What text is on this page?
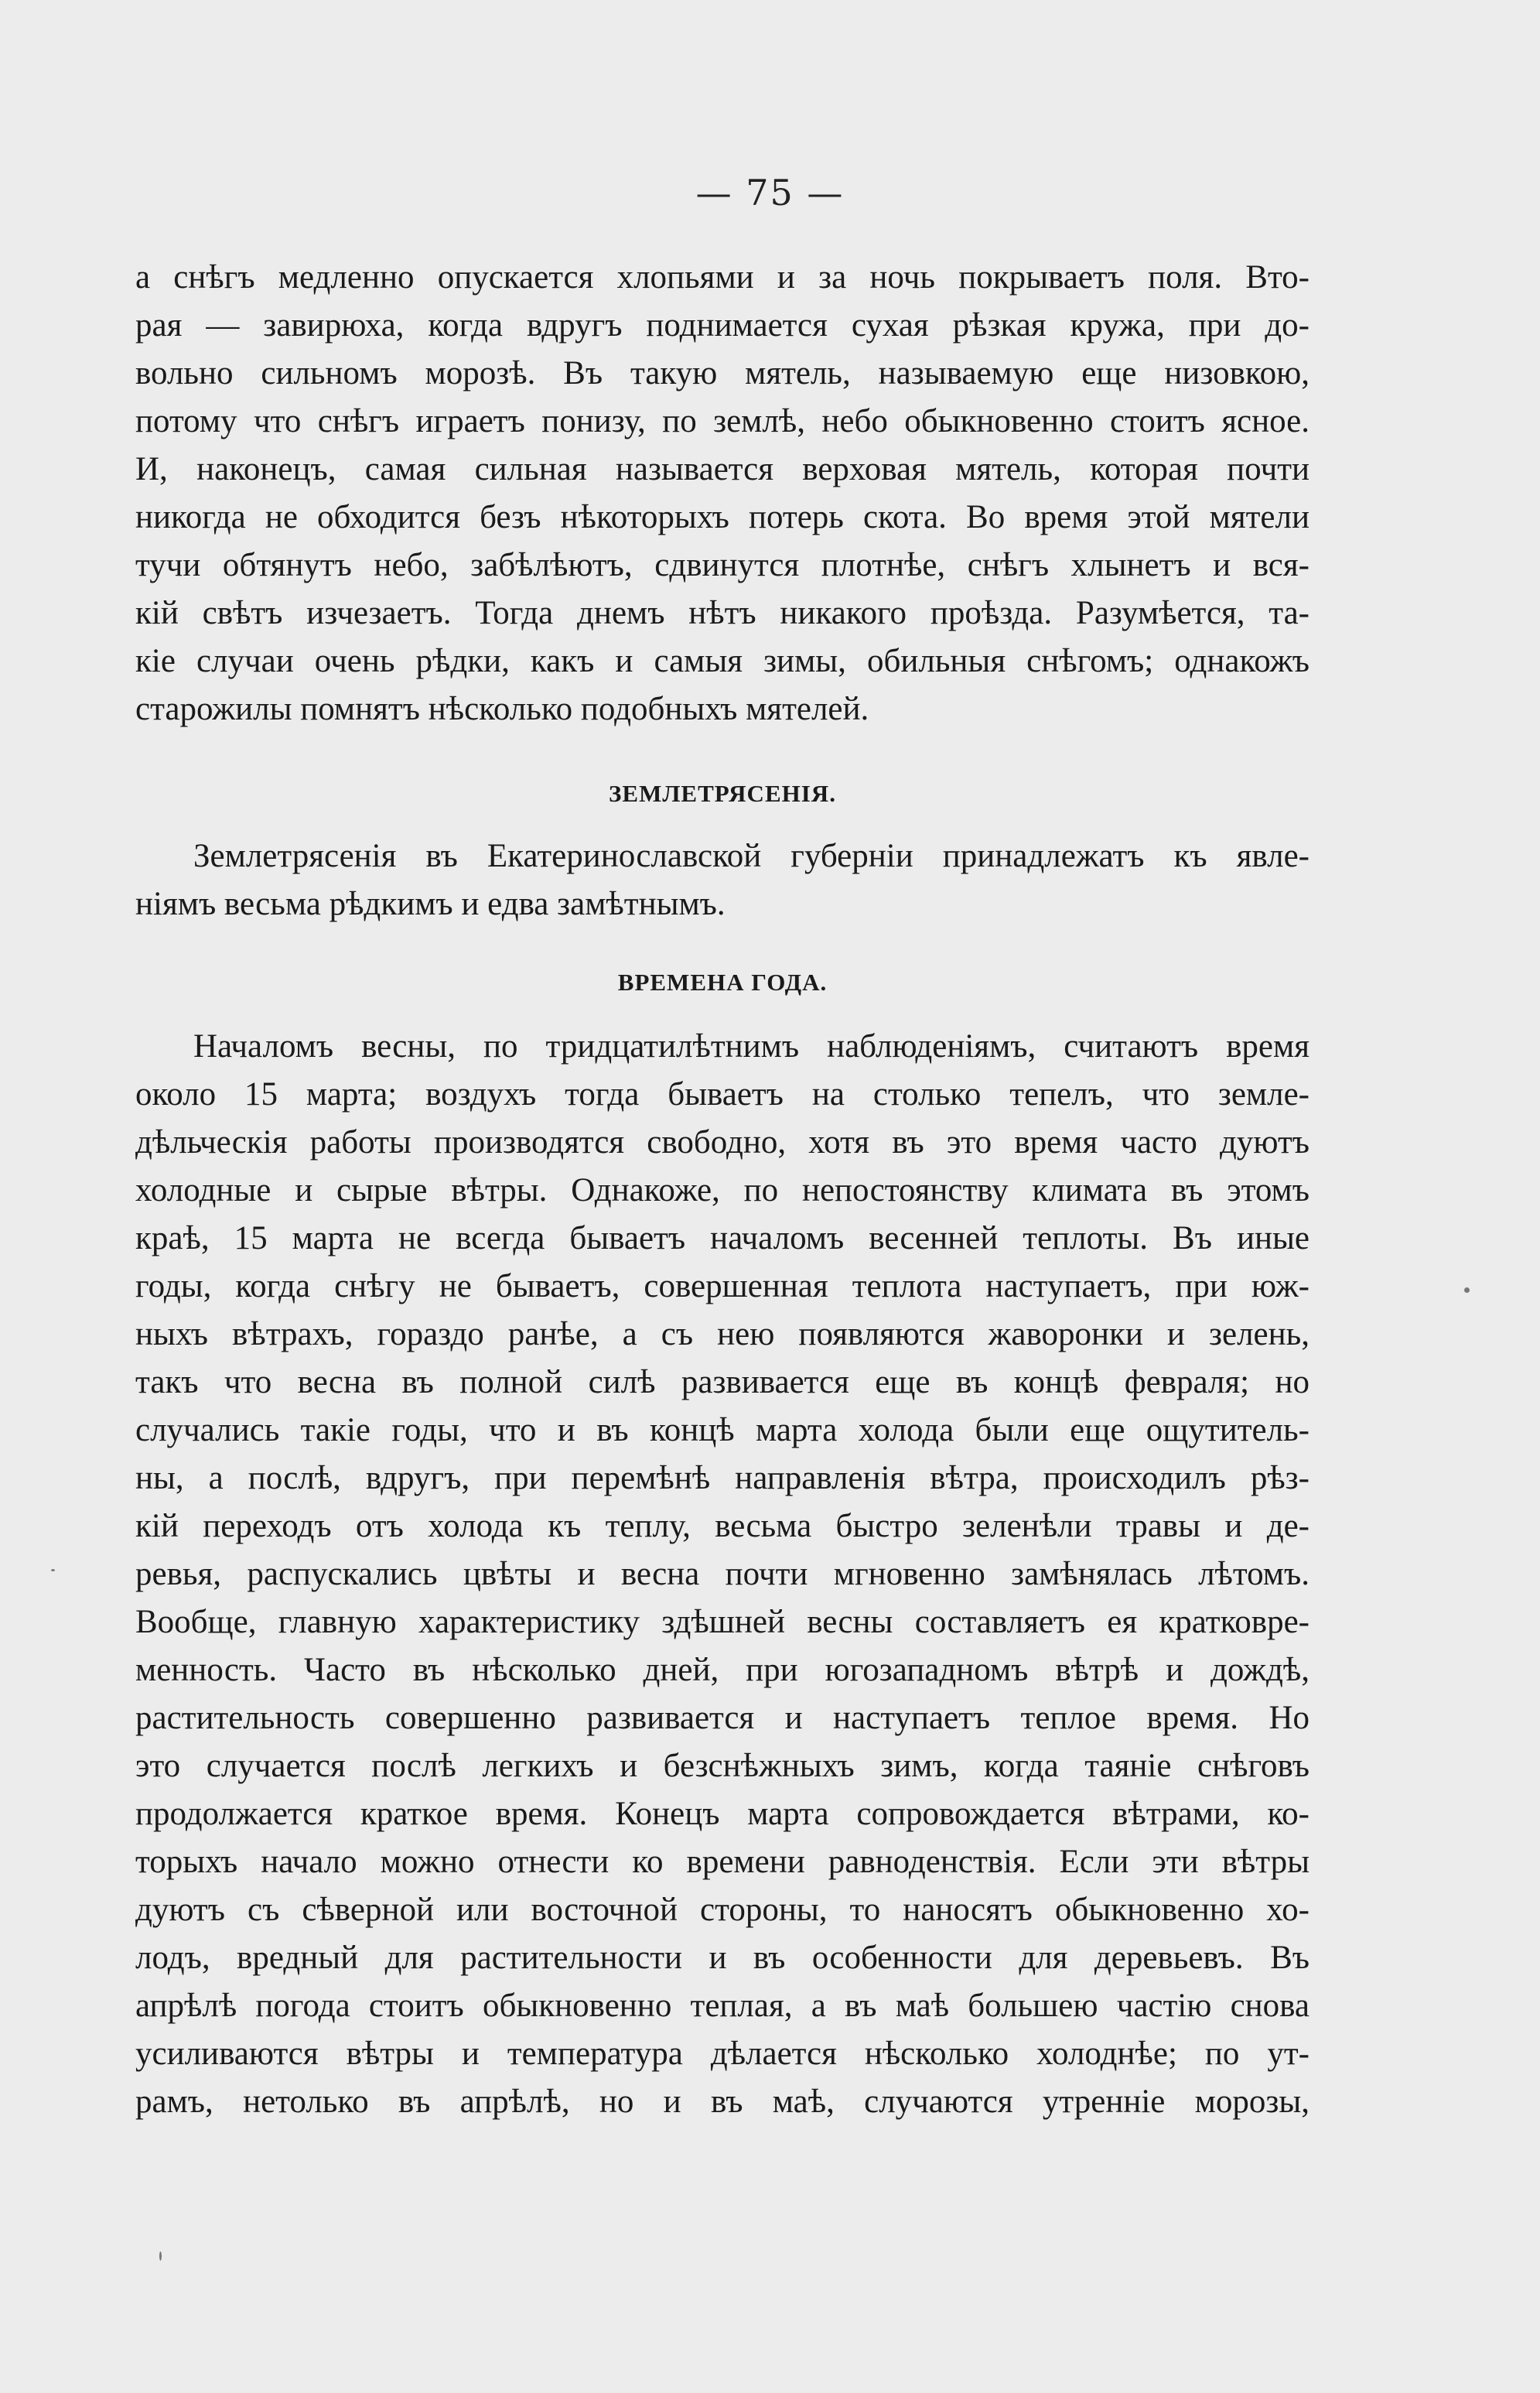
— 75 —
а снѣгъ медленно опускается хлопьями и за ночь покрываетъ поля. Вто-
рая — завирюха, когда вдругъ поднимается сухая рѣзкая кружа, при до-
вольно сильномъ морозѣ. Въ такую мятель, называемую еще низовкою,
потому что снѣгъ играетъ понизу, по землѣ, небо обыкновенно стоитъ ясное.
И, наконецъ, самая сильная называется верховая мятель, которая почти
никогда не обходится безъ нѣкоторыхъ потерь скота. Во время этой мятели
тучи обтянутъ небо, забѣлѣютъ, сдвинутся плотнѣе, снѣгъ хлынетъ и вся-
кій свѣтъ изчезаетъ. Тогда днемъ нѣтъ никакого проѣзда. Разумѣется, та-
кіе случаи очень рѣдки, какъ и самыя зимы, обильныя снѣгомъ; однакожъ
старожилы помнятъ нѣсколько подобныхъ мятелей.
ЗЕМЛЕТРЯСЕНІЯ.
Землетрясенія въ Екатеринославской губерніи принадлежатъ къ явле-
ніямъ весьма рѣдкимъ и едва замѣтнымъ.
ВРЕМЕНА ГОДА.
Началомъ весны, по тридцатилѣтнимъ наблюденіямъ, считаютъ время
около 15 марта; воздухъ тогда бываетъ на столько тепелъ, что земле-
дѣльческія работы производятся свободно, хотя въ это время часто дуютъ
холодные и сырые вѣтры. Однакоже, по непостоянству климата въ этомъ
краѣ, 15 марта не всегда бываетъ началомъ весенней теплоты. Въ иные
годы, когда снѣгу не бываетъ, совершенная теплота наступаетъ, при юж-
ныхъ вѣтрахъ, гораздо ранѣе, а съ нею появляются жаворонки и зелень,
такъ что весна въ полной силѣ развивается еще въ концѣ февраля; но
случались такіе годы, что и въ концѣ марта холода были еще ощутитель-
ны, а послѣ, вдругъ, при перемѣнѣ направленія вѣтра, происходилъ рѣз-
кій переходъ отъ холода къ теплу, весьма быстро зеленѣли травы и де-
ревья, распускались цвѣты и весна почти мгновенно замѣнялась лѣтомъ.
Вообще, главную характеристику здѣшней весны составляетъ ея кратковре-
менность. Часто въ нѣсколько дней, при югозападномъ вѣтрѣ и дождѣ,
растительность совершенно развивается и наступаетъ теплое время. Но
это случается послѣ легкихъ и безснѣжныхъ зимъ, когда таяніе снѣговъ
продолжается краткое время. Конецъ марта сопровождается вѣтрами, ко-
торыхъ начало можно отнести ко времени равноденствія. Если эти вѣтры
дуютъ съ сѣверной или восточной стороны, то наносятъ обыкновенно хо-
лодъ, вредный для растительности и въ особенности для деревьевъ. Въ
апрѣлѣ погода стоитъ обыкновенно теплая, а въ маѣ большею частію снова
усиливаются вѣтры и температура дѣлается нѣсколько холоднѣе; по ут-
рамъ, нетолько въ апрѣлѣ, но и въ маѣ, случаются утренніе морозы,
